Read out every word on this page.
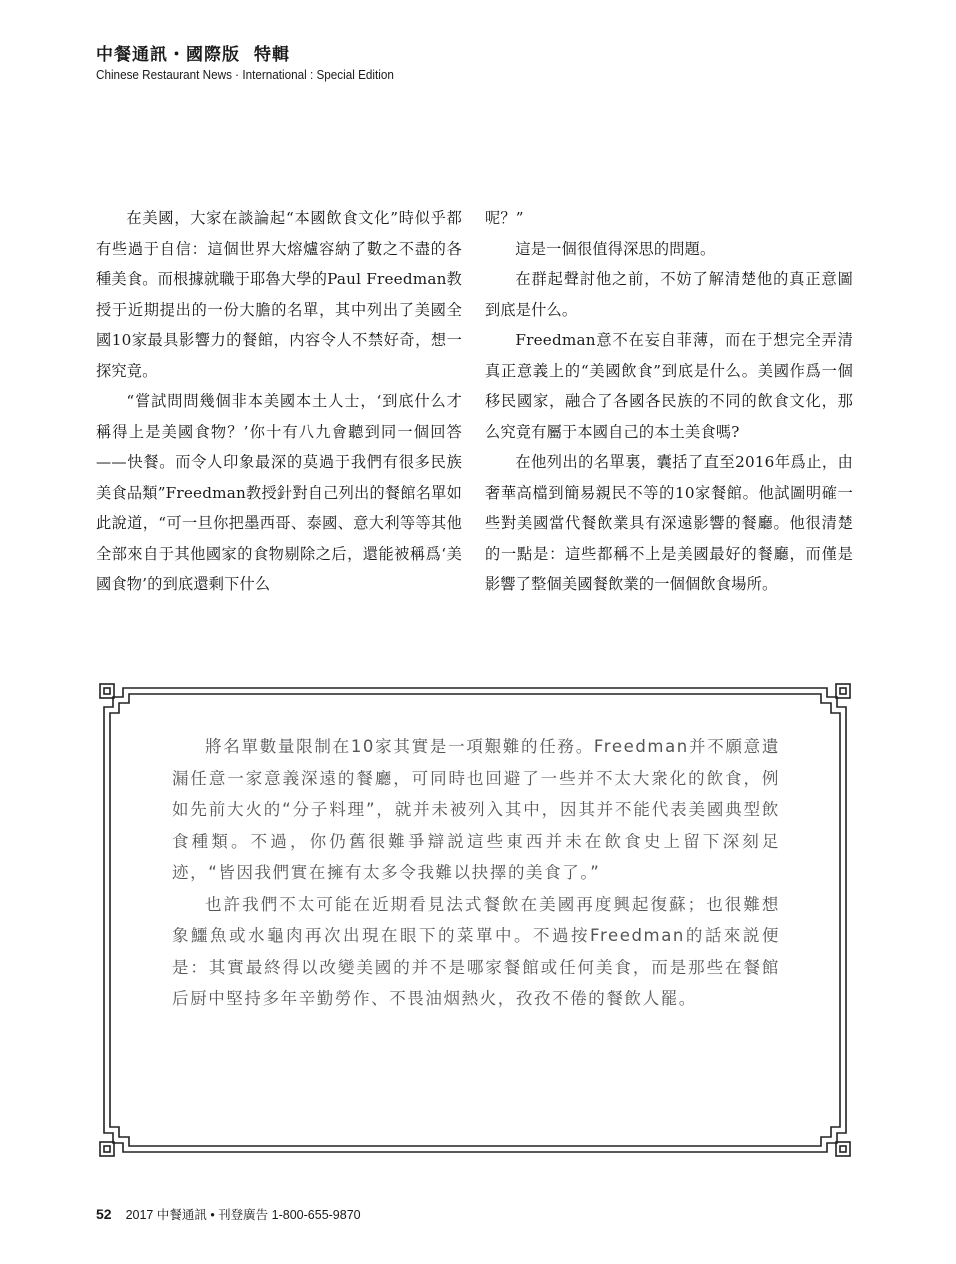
中餐通訊・國際版 特輯
Chinese Restaurant News · International : Special Edition

在美國，大家在談論起“本國飲食文化”時似乎都有些過于自信：這個世界大熔爐容納了數之不盡的各種美食。而根據就職于耶魯大學的Paul Freedman教授于近期提出的一份大膽的名單，其中列出了美國全國10家最具影響力的餐館，内容令人不禁好奇，想一探究竟。

“嘗試問問幾個非本美國本土人士，‘到底什么才稱得上是美國食物？’你十有八九會聽到同一個回答——快餐。而令人印象最深的莫過于我們有很多民族美食品類”Freedman教授針對自己列出的餐館名單如此說道，“可一旦你把墨西哥、泰國、意大利等等其他全部來自于其他國家的食物剔除之后，還能被稱爲‘美國食物’的到底還剩下什么

呢？”

這是一個很值得深思的問題。

在群起聲討他之前，不妨了解清楚他的真正意圖到底是什么。

Freedman意不在妄自菲薄，而在于想完全弄清真正意義上的“美國飲食”到底是什么。美國作爲一個移民國家，融合了各國各民族的不同的飲食文化，那么究竟有屬于本國自己的本土美食嗎?

在他列出的名單裏，囊括了直至2016年爲止，由奢華高檔到簡易親民不等的10家餐館。他試圖明確一些對美國當代餐飲業具有深遠影響的餐廳。他很清楚的一點是：這些都稱不上是美國最好的餐廳，而僅是影響了整個美國餐飲業的一個個飲食場所。

將名單數量限制在10家其實是一項艱難的任務。Freedman并不願意遺漏任意一家意義深遠的餐廳，可同時也回避了一些并不太大衆化的飲食，例如先前大火的“分子料理”，就并未被列入其中，因其并不能代表美國典型飲食種類。不過，你仍舊很難爭辯説這些東西并未在飲食史上留下深刻足迹，“皆因我們實在擁有太多令我難以抉擇的美食了。”

也許我們不太可能在近期看見法式餐飲在美國再度興起復蘇；也很難想象鱷魚或水龜肉再次出現在眼下的菜單中。不過按Freedman的話來説便是：其實最終得以改變美國的并不是哪家餐館或任何美食，而是那些在餐館后厨中堅持多年辛勤勞作、不畏油烟熱火，孜孜不倦的餐飲人罷。

52 2017 中餐通訊 • 刊登廣告 1-800-655-9870
